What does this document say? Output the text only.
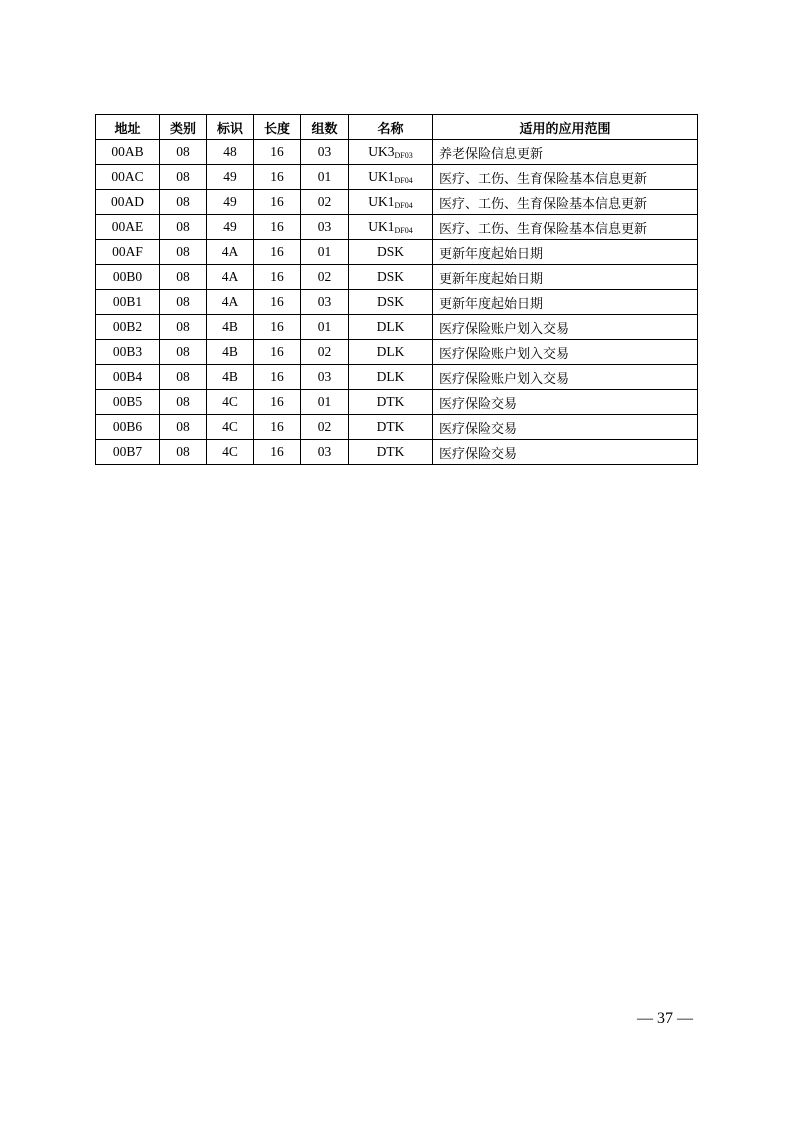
地址	类别	标识	长度	组数	名称	适用的应用范围
00AB	08	48	16	03	$UK3_{DF03}$	养老保险信息更新
00AC	08	49	16	01	$UK1_{DF04}$	医疗、工伤、生育保险基本信息更新
00AD	08	49	16	02	$UK1_{DF04}$	医疗、工伤、生育保险基本信息更新
00AE	08	49	16	03	$UK1_{DF04}$	医疗、工伤、生育保险基本信息更新
00AF	08	4A	16	01	DSK	更新年度起始日期
00B0	08	4A	16	02	DSK	更新年度起始日期
00B1	08	4A	16	03	DSK	更新年度起始日期
00B2	08	4B	16	01	DLK	医疗保险账户划入交易
00B3	08	4B	16	02	DLK	医疗保险账户划入交易
00B4	08	4B	16	03	DLK	医疗保险账户划入交易
00B5	08	4C	16	01	DTK	医疗保险交易
00B6	08	4C	16	02	DTK	医疗保险交易
00B7	08	4C	16	03	DTK	医疗保险交易
— 37 —
